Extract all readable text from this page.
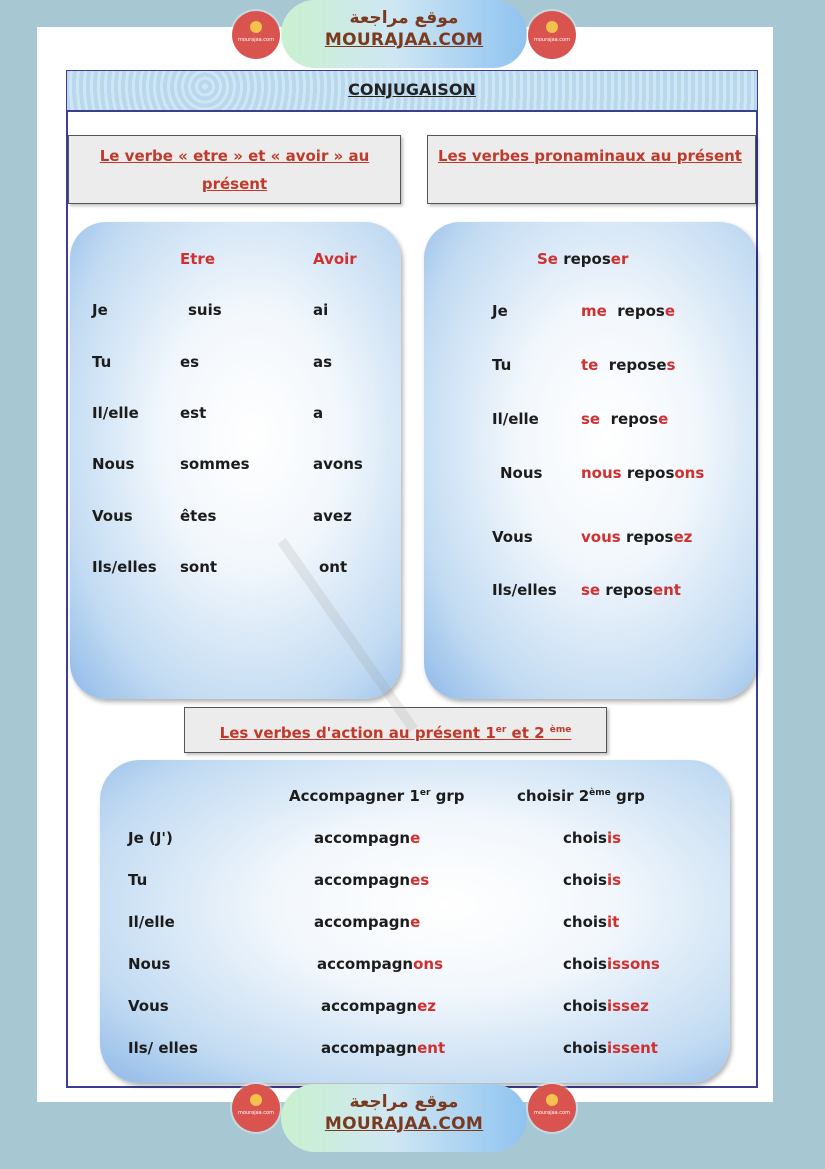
mourajaa.com
موقع مراجعة
MOURAJAA.COM	mourajaa.com
CONJUGAISON
Le verbe « etre » et « avoir » au
présent
Les verbes pronaminaux au présent
Etre	Avoir
Je	suis	ai
Tu	es	as
Il/elle	est	a
Nous	sommes	avons
Vous	êtes	avez
Ils/elles sont	ont
Se reposer
Je	me repose
Tu	te reposes
Il/elle	se repose
Nous	nous reposons
Vous	vous reposez
Ils/elles se reposent
Les verbes d'action au présent 1er et 2 $^{ème}$
Accompagner 1er grp	choisir 2ème grp
Je (J')	accompagne	choisis
Tu	accompagnes	choisis
Il/elle	accompagne	choisit
Nous	accompagnons	choisissons
Vous	accompagnez	choisissez
Ils/ elles	accompagnent	choisissent
mourajaa.com
موقع مراجعة
MOURAJAA.COM
mourajaa.com
